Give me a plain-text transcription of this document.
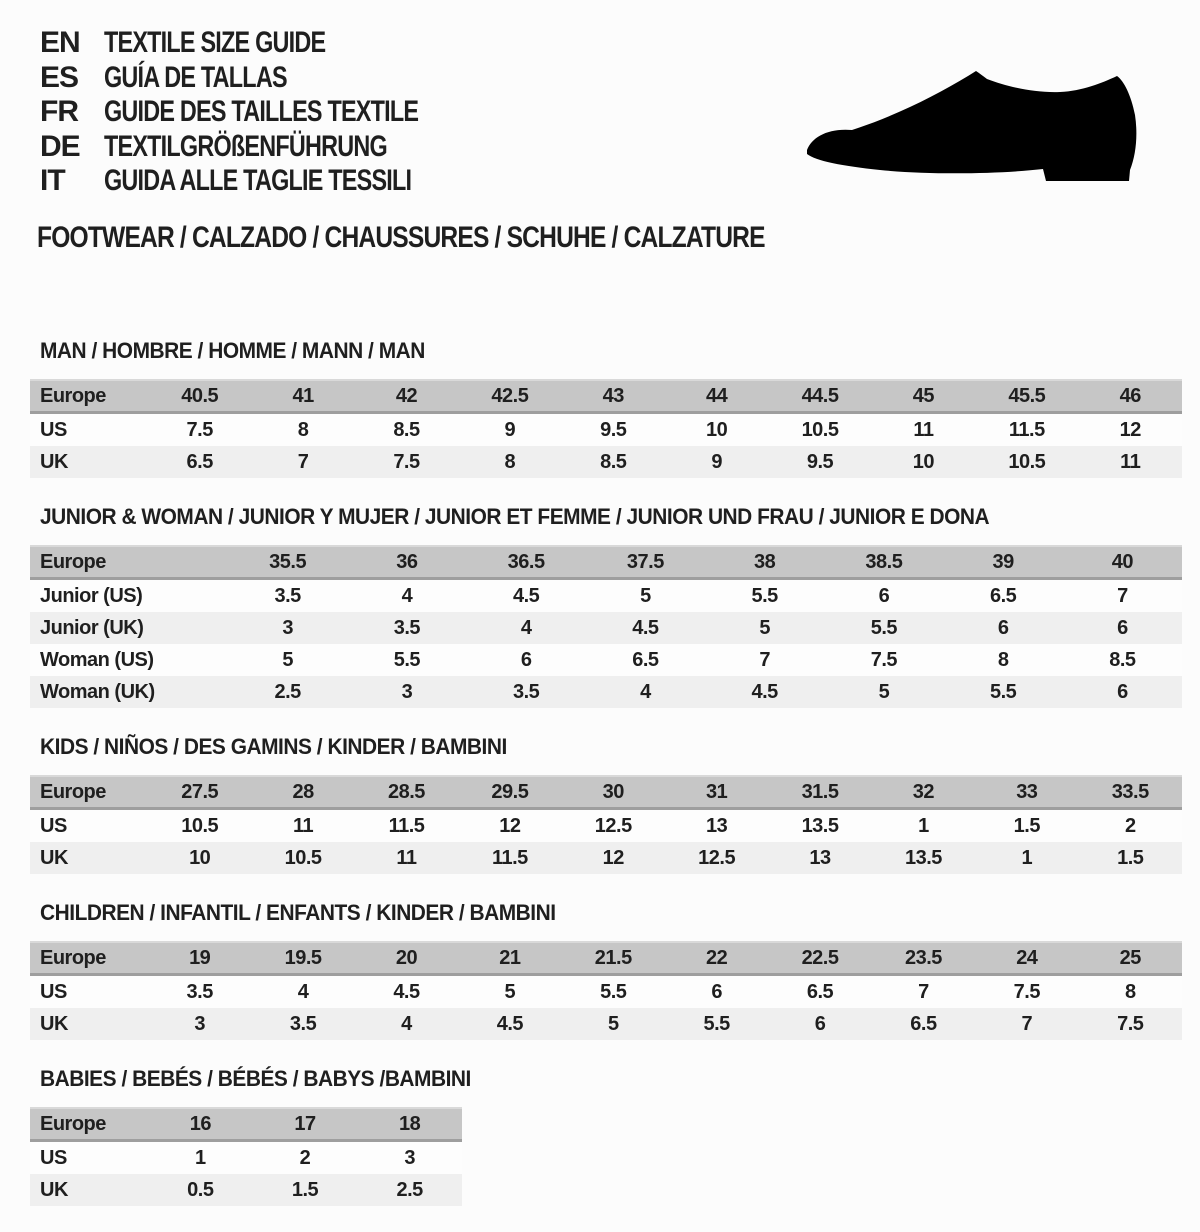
EN TEXTILE SIZE GUIDE
ES GUÍA DE TALLAS
FR GUIDE DES TAILLES TEXTILE
DE TEXTILGRÖßENFÜHRUNG
IT	GUIDA ALLE TAGLIE TESSILI
FOOTWEAR / CALZADO / CHAUSSURES / SCHUHE / CALZATURE
MAN / HOMBRE / HOMME / MANN / MAN
Europe	40.5	41	42	42.5	43	44	44.5	45	45.5	46
US	7.5	8	8.5	9	9.5	10	10.5	11	11.5	12
UK	6.5	7	7.5	8	8.5	9	9.5	10	10.5	11
JUNIOR & WOMAN / JUNIOR Y MUJER / JUNIOR ET FEMME / JUNIOR UND FRAU / JUNIOR E DONA
Europe	35.5	36	36.5	37.5	38	38.5	39	40
Junior (US)	3.5	4	4.5	5	5.5	6	6.5	7
Junior (UK)	3	3.5	4	4.5	5	5.5	6	6
Woman (US)	5	5.5	6	6.5	7	7.5	8	8.5
Woman (UK)	2.5	3	3.5	4	4.5	5	5.5	6
KIDS / NIÑOS / DES GAMINS / KINDER / BAMBINI
Europe	27.5	28	28.5	29.5	30	31	31.5	32	33	33.5
US	10.5	11	11.5	12	12.5	13	13.5	1	1.5	2
UK	10	10.5	11	11.5	12	12.5	13	13.5	1	1.5
CHILDREN / INFANTIL / ENFANTS / KINDER / BAMBINI
Europe	19	19.5	20	21	21.5	22	22.5	23.5	24	25
US	3.5	4	4.5	5	5.5	6	6.5	7	7.5	8
UK	3	3.5	4	4.5	5	5.5	6	6.5	7	7.5
BABIES / BEBÉS / BÉBÉS / BABYS /BAMBINI
Europe	16	17	18
US	1	2	3
UK	0.5	1.5	2.5
